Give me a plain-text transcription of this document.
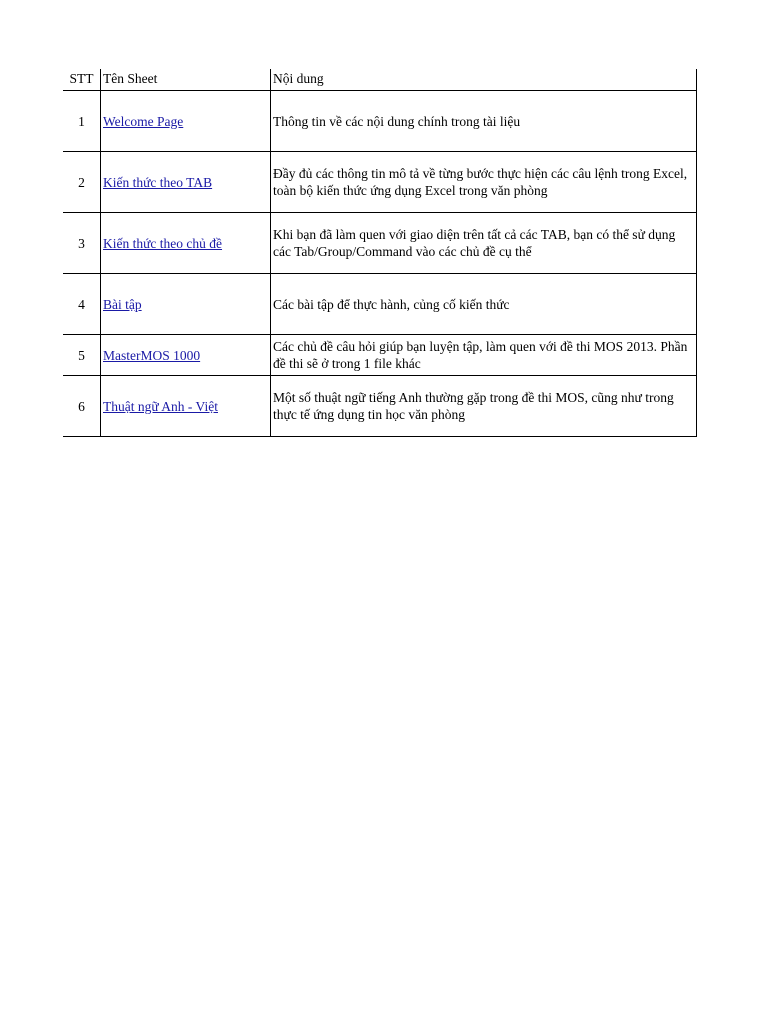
STT	Tên Sheet	Nội dung
1	Welcome Page	Thông tin về các nội dung chính trong tài liệu
2	Kiến thức theo TAB	Đầy đủ các thông tin mô tả về từng bước thực hiện các câu lệnh trong Excel, toàn bộ kiến thức ứng dụng Excel trong văn phòng
3	Kiến thức theo chủ đề	Khi bạn đã làm quen với giao diện trên tất cả các TAB, bạn có thể sử dụng các Tab/Group/Command vào các chủ đề cụ thể
4	Bài tập	Các bài tập để thực hành, củng cố kiến thức
5	MasterMOS 1000	Các chủ đề câu hỏi giúp bạn luyện tập, làm quen với đề thi MOS 2013. Phần đề thi sẽ ở trong 1 file khác
6	Thuật ngữ Anh - Việt	Một số thuật ngữ tiếng Anh thường gặp trong đề thi MOS, cũng như trong thực tế ứng dụng tin học văn phòng
